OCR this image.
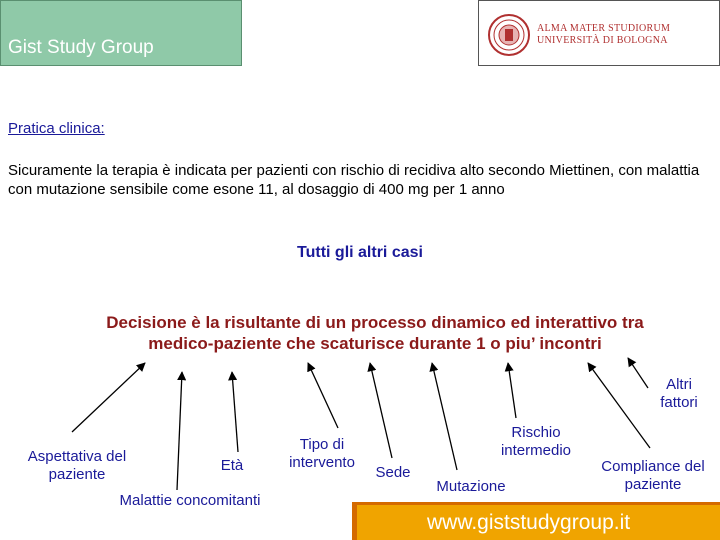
Gist Study Group
ALMA MATER STUDIORUM
UNIVERSITÀ DI BOLOGNA
Pratica clinica:
Sicuramente la terapia è indicata per pazienti con rischio di recidiva alto secondo Miettinen, con malattia con mutazione sensibile come esone 11, al dosaggio di 400 mg per 1 anno
Tutti gli altri casi
Decisione è la risultante di un processo dinamico ed interattivo tra
medico-paziente che scaturisce durante 1 o piu’ incontri
Aspettativa del
paziente
Età
Malattie concomitanti
Tipo di
intervento
Sede
Rischio
intermedio
Mutazione
Compliance del
paziente
Altri
fattori
www.giststudygroup.it
